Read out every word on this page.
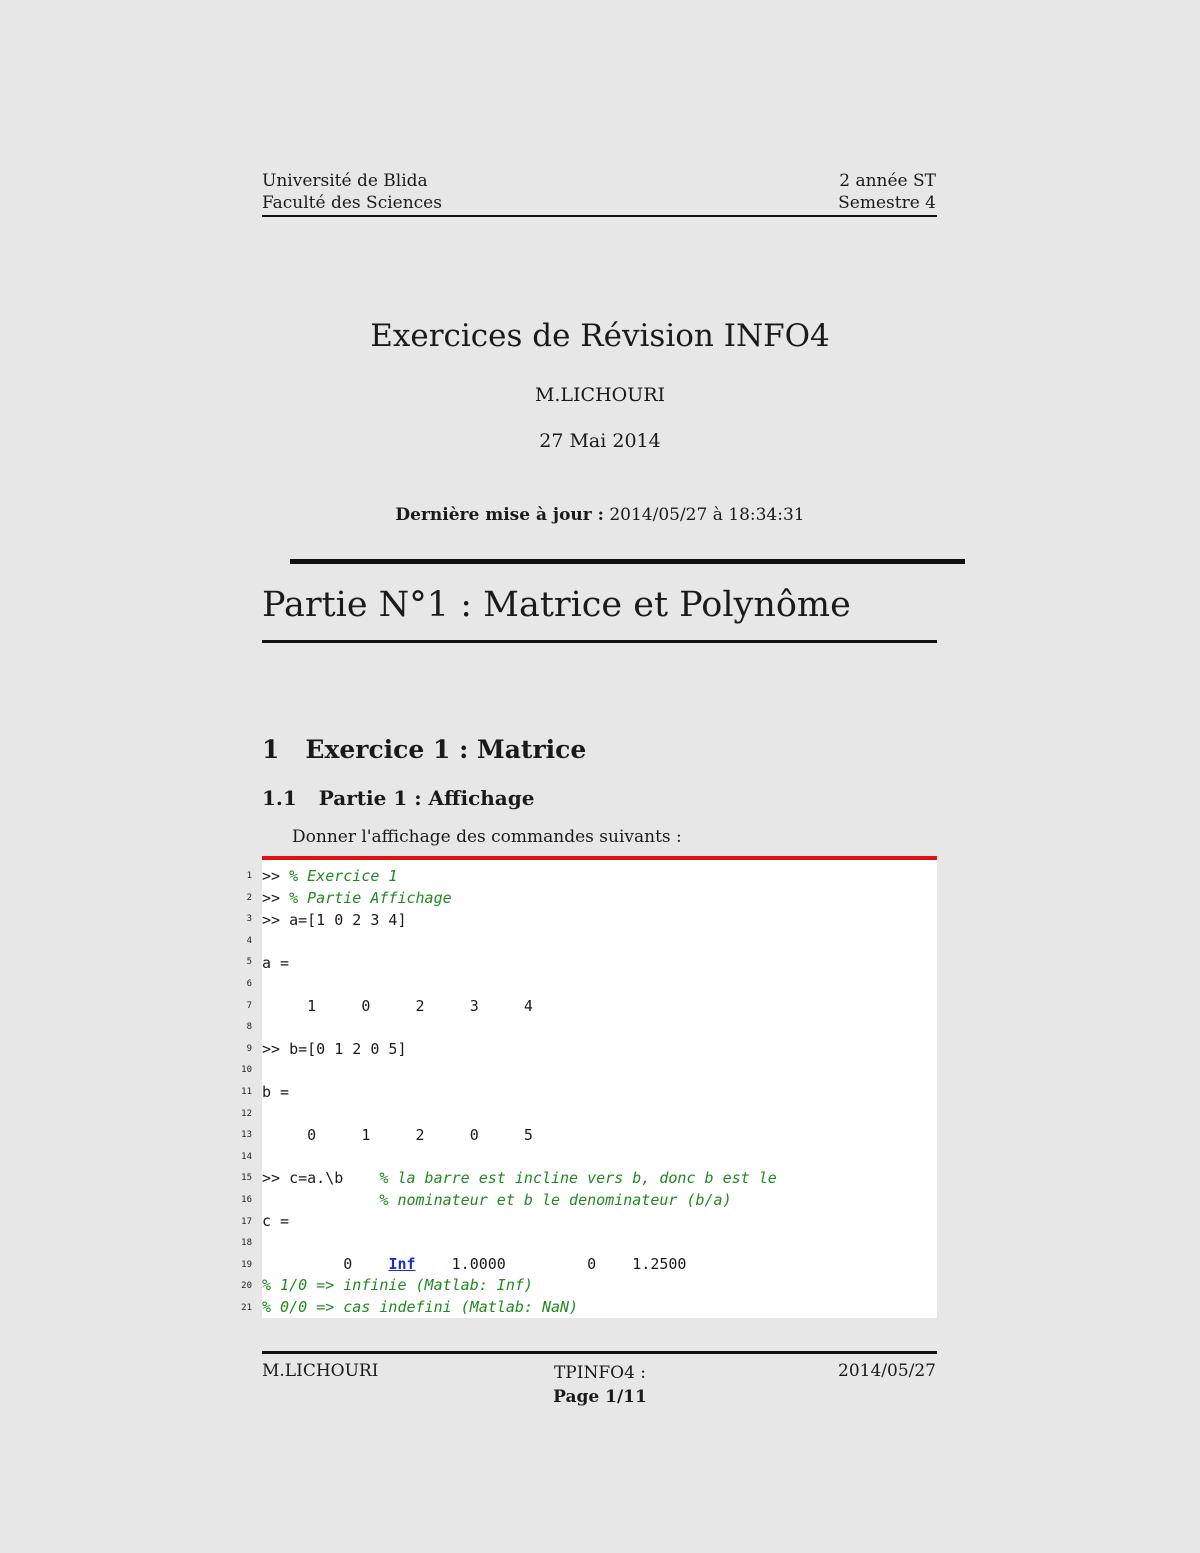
Université de Blida
Faculté des Sciences
2 année ST
Semestre 4
Exercices de Révision INFO4
M.LICHOURI
27 Mai 2014
Dernière mise à jour : 2014/05/27 à 18:34:31
Partie N°1 : Matrice et Polynôme
1 Exercice 1 : Matrice
1.1 Partie 1 : Affichage
Donner l'affichage des commandes suivants :
>> % Exercice 1
>> % Partie Affichage
>> a=[1 0 2 3 4]
a =
1     0     2     3     4
>> b=[0 1 2 0 5]
b =
0     1     2     0     5
>> c=a.\b    % la barre est incline vers b, donc b est le
% nominateur et b le denominateur (b/a)
c =
0    Inf    1.0000         0    1.2500
% 1/0 => infinie (Matlab: Inf)
% 0/0 => cas indefini (Matlab: NaN)
1
2
3
4
5
6
7
8
9
10
11
12
13
14
15
16
17
18
19
20
21
M.LICHOURI	TPINFO4 :
Page 1/11
2014/05/27
